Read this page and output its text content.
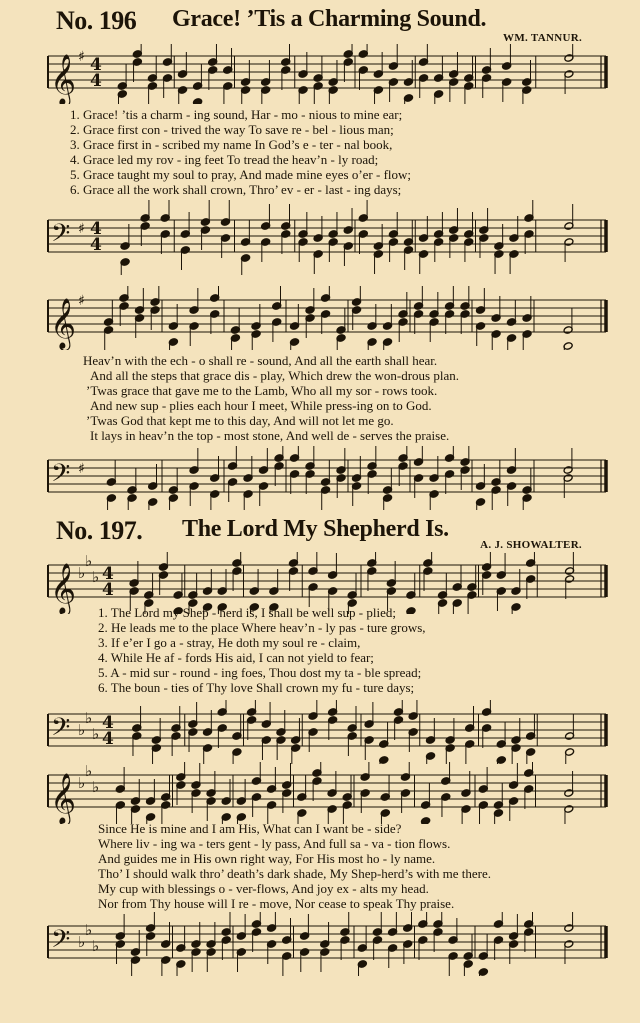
No. 196 Grace! ’Tis a Charming Sound.
WM. TANNUR.
𝄞 ♯ 4
4
1. Grace! ’tis a charm - ing sound, Har - mo - nious to mine ear;
2. Grace first con - trived the way To save re - bel - lious man;
3. Grace first in - scribed my name In God’s e - ter - nal book,
4. Grace led my rov - ing feet To tread the heav’n - ly road;
5. Grace taught my soul to pray, And made mine eyes o’er - flow;
6. Grace all the work shall crown, Thro’ ev - er - last - ing days;
𝄢 ♯ 4
4
𝄞 ♯
Heav’n with the ech - o shall re - sound, And all the earth shall hear.
And all the steps that grace dis - play, Which drew the won-drous plan.
’Twas grace that gave me to the Lamb, Who all my sor - rows took.
And new sup - plies each hour I meet, While press-ing on to God.
’Twas God that kept me to this day, And will not let me go.
It lays in heav’n the top - most stone, And well de - serves the praise.
𝄢 ♯
No. 197. The Lord My Shepherd Is.
A. J. SHOWALTER.
𝄞 ♭
♭
♭ 4
4
1. The Lord my Shep - herd is, I shall be well sup - plied;
2. He leads me to the place Where heav’n - ly pas - ture grows,
3. If e’er I go a - stray, He doth my soul re - claim,
4. While He af - fords His aid, I can not yield to fear;
5. A - mid sur - round - ing foes, Thou dost my ta - ble spread;
6. The boun - ties of Thy love Shall crown my fu - ture days;
𝄢 ♭
♭
♭
4
4
𝄞 ♭
♭
♭
Since He is mine and I am His, What can I want be - side?
Where liv - ing wa - ters gent - ly pass, And full sa - va - tion flows.
And guides me in His own right way, For His most ho - ly name.
Tho’ I should walk thro’ death’s dark shade, My Shep-herd’s with me there.
My cup with blessings o - ver-flows, And joy ex - alts my head.
Nor from Thy house will I re - move, Nor cease to speak Thy praise.
𝄢 ♭
♭
♭
